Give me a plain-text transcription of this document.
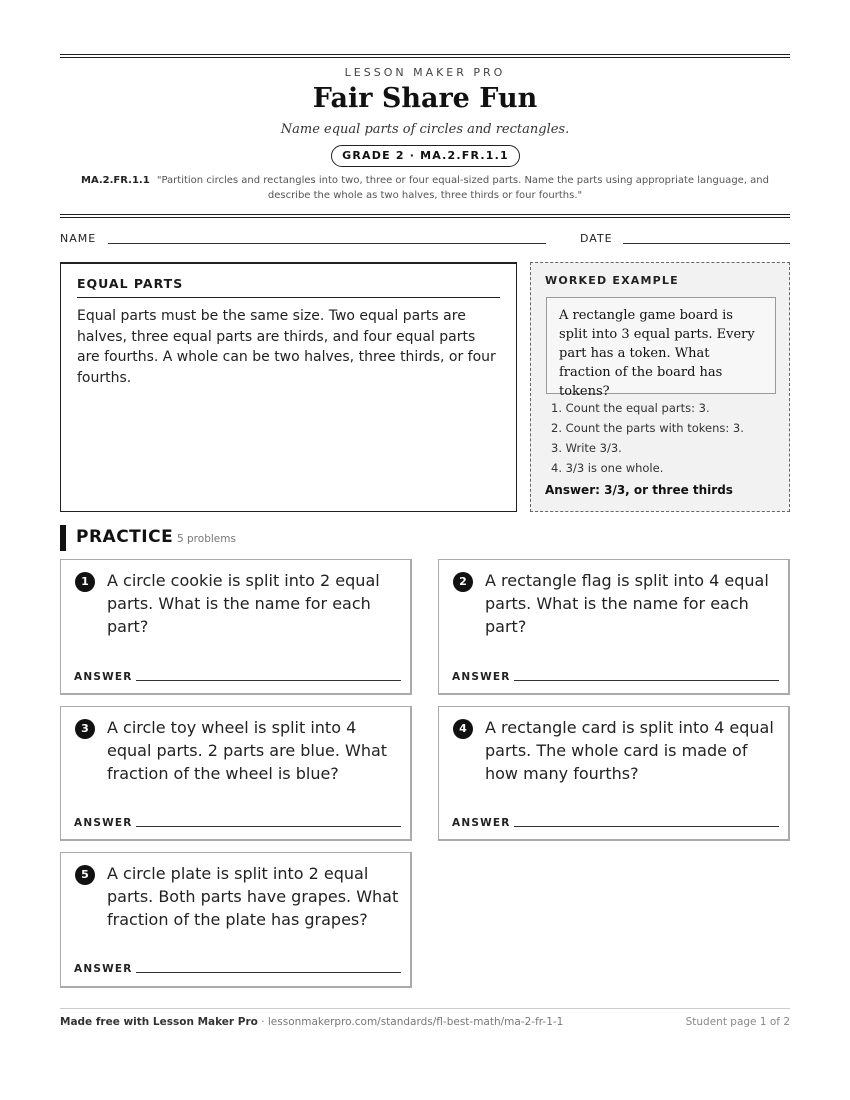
LESSON MAKER PRO
Fair Share Fun
Name equal parts of circles and rectangles.
GRADE 2 · MA.2.FR.1.1
MA.2.FR.1.1 "Partition circles and rectangles into two, three or four equal-sized parts. Name the parts using appropriate language, and describe the whole as two halves, three thirds or four fourths."
NAME	DATE
EQUAL PARTS
Equal parts must be the same size. Two equal parts are halves, three equal parts are thirds, and four equal parts are fourths. A whole can be two halves, three thirds, or four fourths.
WORKED EXAMPLE
A rectangle game board is split into 3 equal parts. Every part has a token. What fraction of the board has tokens?
1. Count the equal parts: 3.
2. Count the parts with tokens: 3.
3. Write 3/3.
4. 3/3 is one whole.
Answer: 3/3, or three thirds
PRACTICE 5 problems
1	A circle cookie is split into 2 equal parts. What is the name for each part?
ANSWER
2	A rectangle flag is split into 4 equal parts. What is the name for each part?
ANSWER
3	A circle toy wheel is split into 4 equal parts. 2 parts are blue. What fraction of the wheel is blue?
ANSWER
4	A rectangle card is split into 4 equal parts. The whole card is made of how many fourths?
ANSWER
5	A circle plate is split into 2 equal parts. Both parts have grapes. What fraction of the plate has grapes?
ANSWER
Made free with Lesson Maker Pro · lessonmakerpro.com/standards/fl-best-math/ma-2-fr-1-1	Student page 1 of 2
